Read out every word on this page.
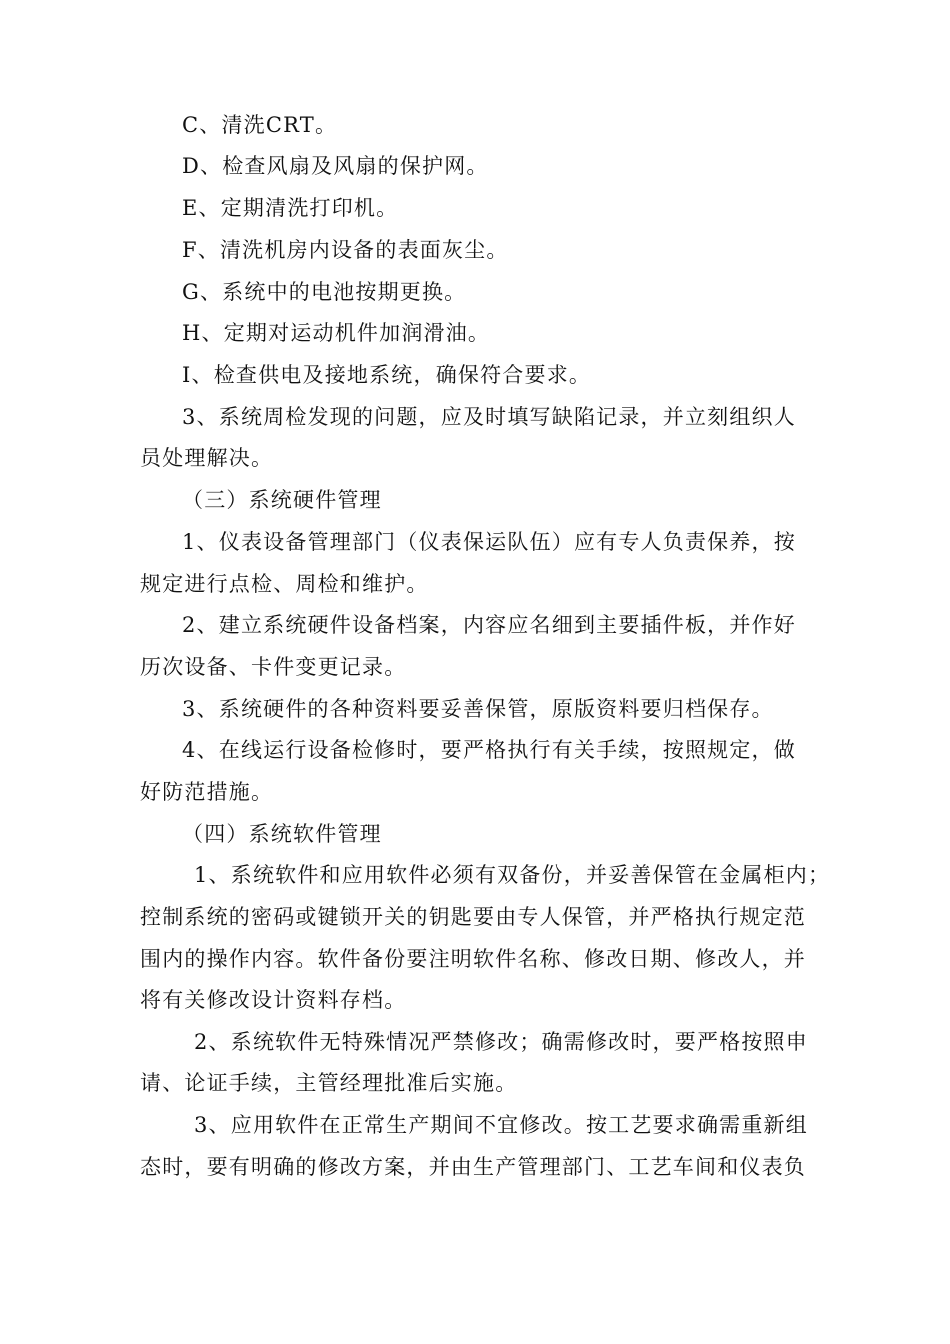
C、清洗CRT。
D、检查风扇及风扇的保护网。
E、定期清洗打印机。
F、清洗机房内设备的表面灰尘。
G、系统中的电池按期更换。
H、定期对运动机件加润滑油。
I、检查供电及接地系统，确保符合要求。
3、系统周检发现的问题，应及时填写缺陷记录，并立刻组织人
员处理解决。
（三）系统硬件管理
1、仪表设备管理部门（仪表保运队伍）应有专人负责保养，按
规定进行点检、周检和维护。
2、建立系统硬件设备档案，内容应名细到主要插件板，并作好
历次设备、卡件变更记录。
3、系统硬件的各种资料要妥善保管，原版资料要归档保存。
4、在线运行设备检修时，要严格执行有关手续，按照规定，做
好防范措施。
（四）系统软件管理
1、系统软件和应用软件必须有双备份，并妥善保管在金属柜内；
控制系统的密码或键锁开关的钥匙要由专人保管，并严格执行规定范
围内的操作内容。软件备份要注明软件名称、修改日期、修改人，并
将有关修改设计资料存档。
2、系统软件无特殊情况严禁修改；确需修改时，要严格按照申
请、论证手续，主管经理批准后实施。
3、应用软件在正常生产期间不宜修改。按工艺要求确需重新组
态时，要有明确的修改方案，并由生产管理部门、工艺车间和仪表负
